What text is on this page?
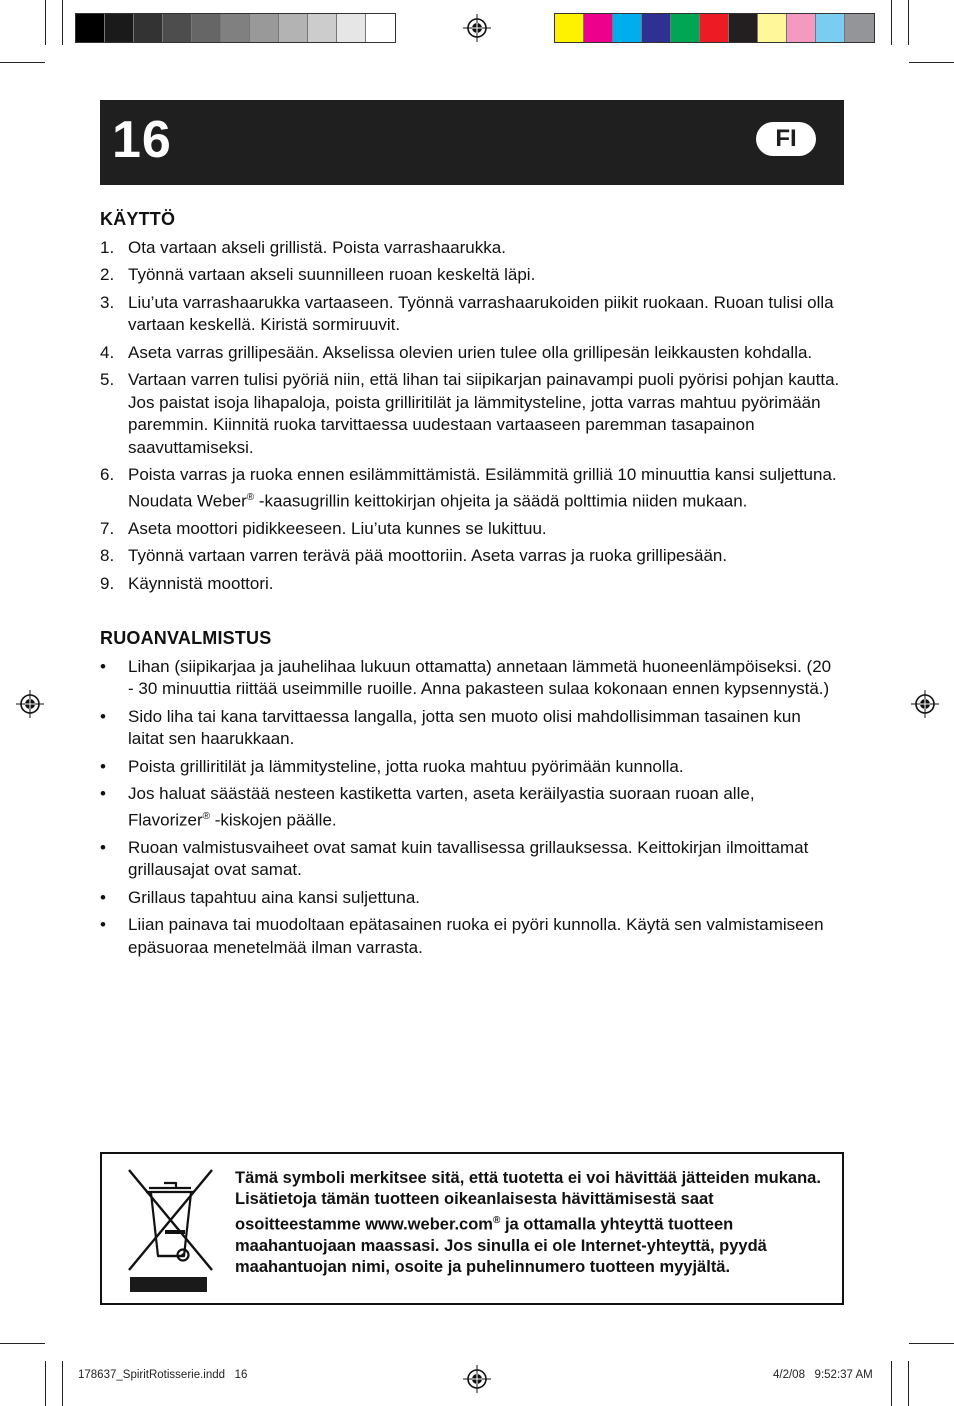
16	FI
KÄYTTÖ
1. Ota vartaan akseli grillistä. Poista varrashaarukka.
2. Työnnä vartaan akseli suunnilleen ruoan keskeltä läpi.
3. Liu’uta varrashaarukka vartaaseen. Työnnä varrashaarukoiden piikit ruokaan. Ruoan tulisi olla vartaan keskellä. Kiristä sormiruuvit.
4. Aseta varras grillipesään. Akselissa olevien urien tulee olla grillipesän leikkausten kohdalla.
5. Vartaan varren tulisi pyöriä niin, että lihan tai siipikarjan painavampi puoli pyörisi pohjan kautta. Jos paistat isoja lihapaloja, poista grilliritilät ja lämmitysteline, jotta varras mahtuu pyörimään paremmin. Kiinnitä ruoka tarvittaessa uudestaan vartaaseen paremman tasapainon saavuttamiseksi.
6. Poista varras ja ruoka ennen esilämmittämistä. Esilämmitä grilliä 10 minuuttia kansi suljettuna. Noudata Weber® -kaasugrillin keittokirjan ohjeita ja säädä polttimia niiden mukaan.
7. Aseta moottori pidikkeeseen. Liu’uta kunnes se lukittuu.
8. Työnnä vartaan varren terävä pää moottoriin. Aseta varras ja ruoka grillipesään.
9. Käynnistä moottori.
RUOANVALMISTUS
• Lihan (siipikarjaa ja jauhelihaa lukuun ottamatta) annetaan lämmetä huoneenlämpöiseksi. (20 - 30 minuuttia riittää useimmille ruoille. Anna pakasteen sulaa kokonaan ennen kypsennystä.)
• Sido liha tai kana tarvittaessa langalla, jotta sen muoto olisi mahdollisimman tasainen kun laitat sen haarukkaan.
• Poista grilliritilät ja lämmitysteline, jotta ruoka mahtuu pyörimään kunnolla.
• Jos haluat säästää nesteen kastiketta varten, aseta keräilyastia suoraan ruoan alle, Flavorizer® -kiskojen päälle.
• Ruoan valmistusvaiheet ovat samat kuin tavallisessa grillauksessa. Keittokirjan ilmoittamat grillausajat ovat samat.
• Grillaus tapahtuu aina kansi suljettuna.
• Liian painava tai muodoltaan epätasainen ruoka ei pyöri kunnolla. Käytä sen valmistamiseen epäsuoraa menetelmää ilman varrasta.
Tämä symboli merkitsee sitä, että tuotetta ei voi hävittää jätteiden mukana. Lisätietoja tämän tuotteen oikeanlaisesta hävittämisestä saat osoitteestamme www.weber.com® ja ottamalla yhteyttä tuotteen maahantuojaan maassasi. Jos sinulla ei ole Internet-yhteyttä, pyydä maahantuojan nimi, osoite ja puhelinnumero tuotteen myyjältä.
178637_SpiritRotisserie.indd   16	4/2/08   9:52:37 AM
